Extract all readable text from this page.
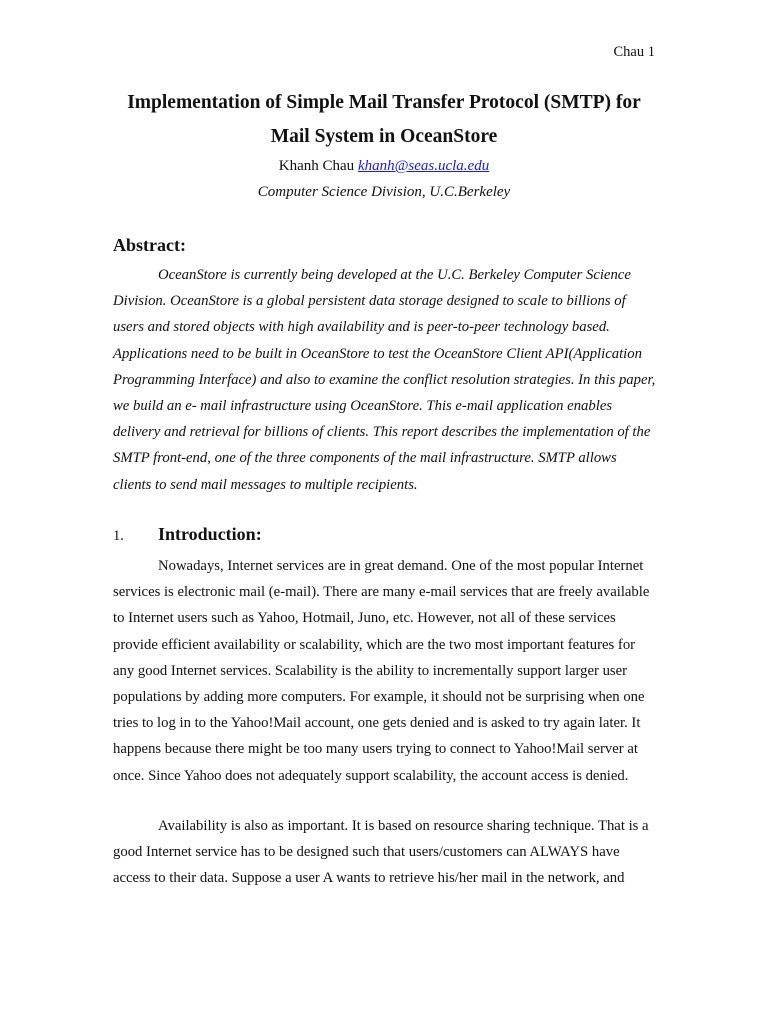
Chau 1
Implementation of Simple Mail Transfer Protocol (SMTP) for
Mail System in OceanStore
Khanh Chau khanh@seas.ucla.edu
Computer Science Division, U.C.Berkeley
Abstract:
OceanStore is currently being developed at the U.C. Berkeley Computer Science Division. OceanStore is a global persistent data storage designed to scale to billions of users and stored objects with high availability and is peer-to-peer technology based. Applications need to be built in OceanStore to test the OceanStore Client API(Application Programming Interface) and also to examine the conflict resolution strategies. In this paper, we build an e- mail infrastructure using OceanStore. This e-mail application enables delivery and retrieval for billions of clients. This report describes the implementation of the SMTP front-end, one of the three components of the mail infrastructure. SMTP allows clients to send mail messages to multiple recipients.
1. Introduction:
Nowadays, Internet services are in great demand. One of the most popular Internet services is electronic mail (e-mail). There are many e-mail services that are freely available to Internet users such as Yahoo, Hotmail, Juno, etc. However, not all of these services provide efficient availability or scalability, which are the two most important features for any good Internet services. Scalability is the ability to incrementally support larger user populations by adding more computers. For example, it should not be surprising when one tries to log in to the Yahoo!Mail account, one gets denied and is asked to try again later. It happens because there might be too many users trying to connect to Yahoo!Mail server at once. Since Yahoo does not adequately support scalability, the account access is denied.
Availability is also as important. It is based on resource sharing technique. That is a good Internet service has to be designed such that users/customers can ALWAYS have access to their data. Suppose a user A wants to retrieve his/her mail in the network, and
